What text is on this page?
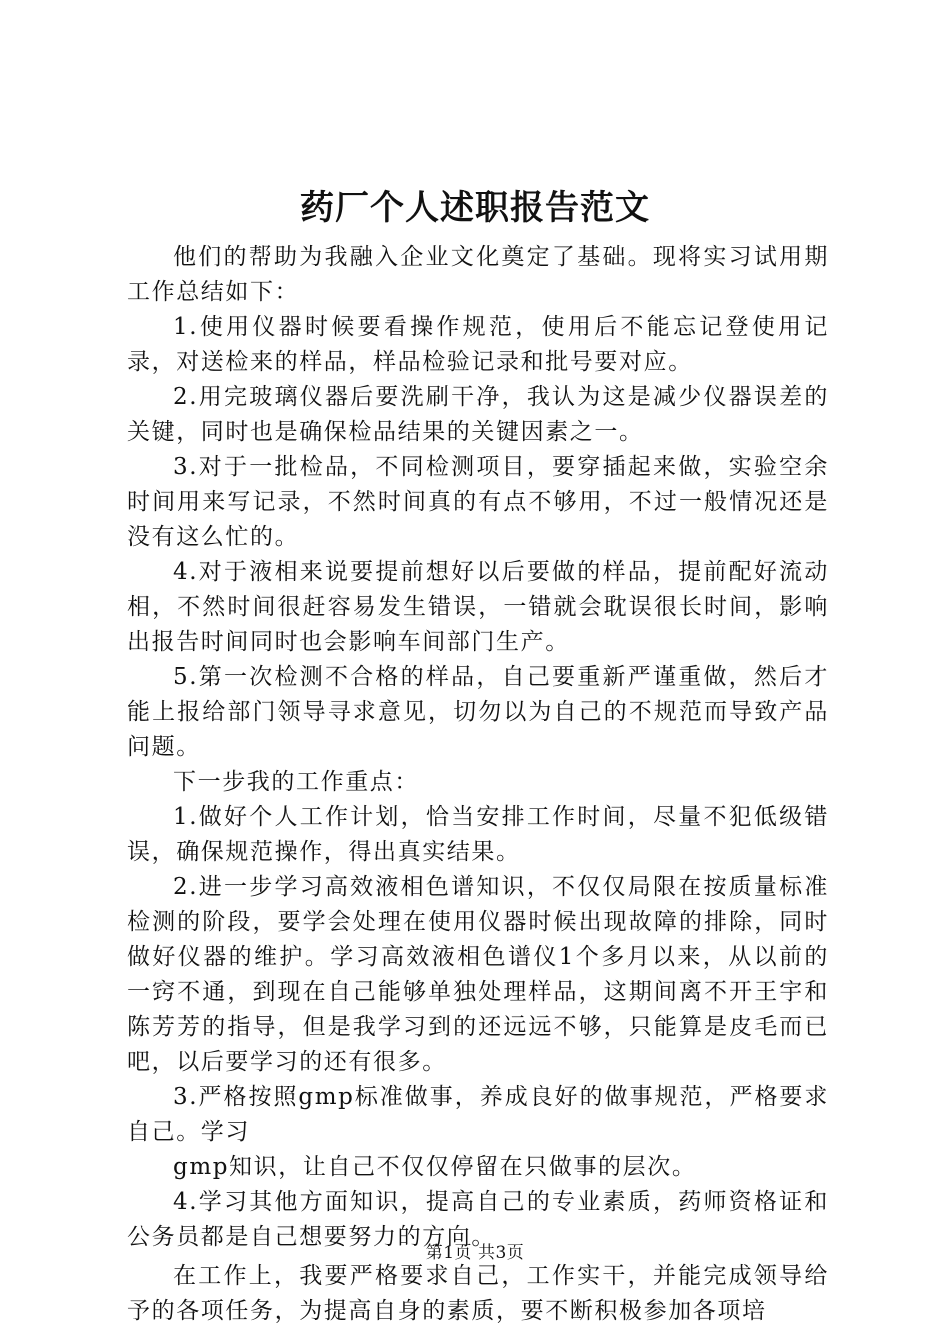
药厂个人述职报告范文

他们的帮助为我融入企业文化奠定了基础。现将实习试用期工作总结如下：

1.使用仪器时候要看操作规范，使用后不能忘记登使用记录，对送检来的样品，样品检验记录和批号要对应。

2.用完玻璃仪器后要洗刷干净，我认为这是减少仪器误差的关键，同时也是确保检品结果的关键因素之一。

3.对于一批检品，不同检测项目，要穿插起来做，实验空余时间用来写记录，不然时间真的有点不够用，不过一般情况还是没有这么忙的。

4.对于液相来说要提前想好以后要做的样品，提前配好流动相，不然时间很赶容易发生错误，一错就会耽误很长时间，影响出报告时间同时也会影响车间部门生产。

5.第一次检测不合格的样品，自己要重新严谨重做，然后才能上报给部门领导寻求意见，切勿以为自己的不规范而导致产品问题。

下一步我的工作重点：

1.做好个人工作计划，恰当安排工作时间，尽量不犯低级错误，确保规范操作，得出真实结果。

2.进一步学习高效液相色谱知识，不仅仅局限在按质量标准检测的阶段，要学会处理在使用仪器时候出现故障的排除，同时做好仪器的维护。学习高效液相色谱仪1个多月以来，从以前的一窍不通，到现在自己能够单独处理样品，这期间离不开王宇和陈芳芳的指导，但是我学习到的还远远不够，只能算是皮毛而已吧，以后要学习的还有很多。

3.严格按照gmp标准做事，养成良好的做事规范，严格要求自己。学习

gmp知识，让自己不仅仅停留在只做事的层次。

4.学习其他方面知识，提高自己的专业素质，药师资格证和公务员都是自己想要努力的方向。

在工作上，我要严格要求自己，工作实干，并能完成领导给予的各项任务，为提高自身的素质，要不断积极参加各项培

第1页 共3页
